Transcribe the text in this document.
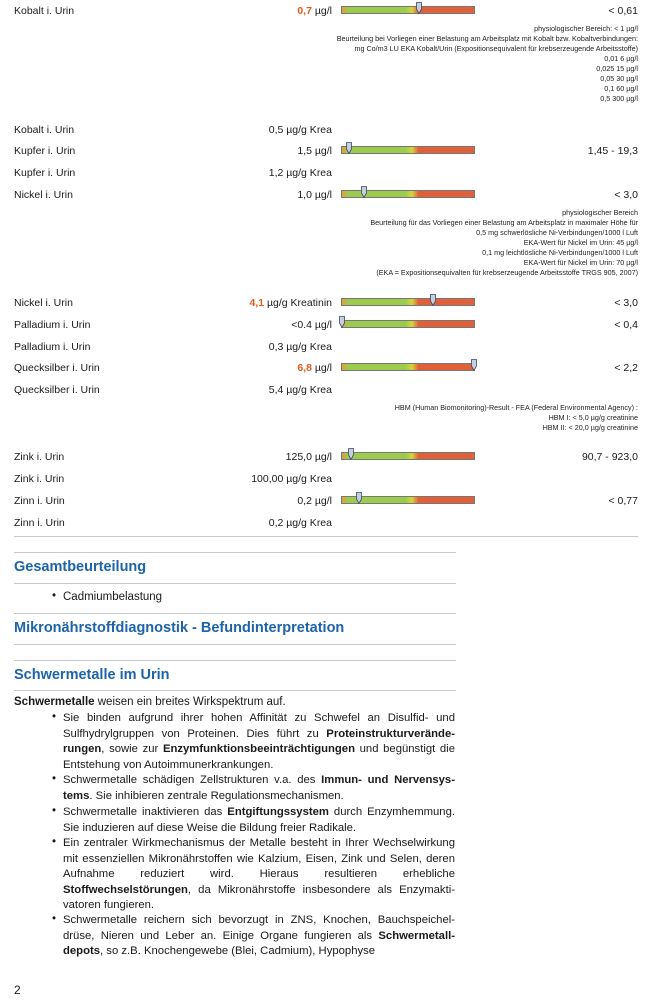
Kobalt i. Urin	0,7 µg/l	< 0,61
Kobalt i. Urin	0,5 µg/g Krea
Kupfer i. Urin	1,5 µg/l	1,45 - 19,3
Kupfer i. Urin	1,2 µg/g Krea
Nickel i. Urin	1,0 µg/l	< 3,0
Nickel i. Urin	4,1 µg/g Kreatinin	< 3,0
Palladium i. Urin	<0.4 µg/l	< 0,4
Palladium i. Urin	0,3 µg/g Krea
Quecksilber i. Urin	6,8 µg/l	< 2,2
Quecksilber i. Urin	5,4 µg/g Krea
Zink i. Urin	125,0 µg/l	90,7 - 923,0
Zink i. Urin	100,00 µg/g Krea
Zinn i. Urin	0,2 µg/l	< 0,77
Zinn i. Urin	0,2 µg/g Krea
physiologischer Bereich: < 1 µg/l
Beurteilung bei Vorliegen einer Belastung am Arbeitsplatz mit Kobalt bzw. Kobaltverbindungen:
mg Co/m3 LU EKA Kobalt/Urin (Expositionsequivalent für krebserzeugende Arbeitsstoffe)
0,01 6 µg/l
0,025 15 µg/l
0,05 30 µg/l
0,1 60 µg/l
0,5 300 µg/l
physiologischer Bereich
Beurteilung für das Vorliegen einer Belastung am Arbeitsplatz in maximaler Höhe für
0,5 mg schwerlösliche Ni-Verbindungen/1000 l Luft
EKA-Wert für Nickel im Urin: 45 µg/l
0,1 mg leichtlösliche Ni-Verbindungen/1000 l Luft
EKA-Wert für Nickel im Urin: 70 µg/l
(EKA = Expositionsequivalten für krebserzeugende Arbeitsstoffe TRGS 905, 2007)
HBM (Human Biomonitoring)-Result - FEA (Federal Environmental Agency) :
HBM I: < 5,0 µg/g creatinine
HBM II: < 20,0 µg/g creatinine
Gesamtbeurteilung
• Cadmiumbelastung
Mikronährstoffdiagnostik - Befundinterpretation
Schwermetalle im Urin
Schwermetalle weisen ein breites Wirkspektrum auf.
• Sie binden aufgrund ihrer hohen Affinität zu Schwefel an Disulfid- und Sulfhydrylgruppen von Proteinen. Dies führt zu Proteinstrukturveränderungen, sowie zur Enzymfunktionsbeeinträchtigungen und begünstigt die Entstehung von Autoimmunerkrankungen.
• Schwermetalle schädigen Zellstrukturen v.a. des Immun- und Nervensystems. Sie inhibieren zentrale Regulationsmechanismen.
• Schwermetalle inaktivieren das Entgiftungssystem durch Enzymhemmung. Sie induzieren auf diese Weise die Bildung freier Radikale.
• Ein zentraler Wirkmechanismus der Metalle besteht in Ihrer Wechselwirkung mit essenziellen Mikronährstoffen wie Kalzium, Eisen, Zink und Selen, deren Aufnahme reduziert wird. Hieraus resultieren erhebliche Stoffwechselstörungen, da Mikronährstoffe insbesondere als Enzymaktivatoren fungieren.
• Schwermetalle reichern sich bevorzugt in ZNS, Knochen, Bauchspeicheldrüse, Nieren und Leber an. Einige Organe fungieren als Schwermetalldepots, so z.B. Knochengewebe (Blei, Cadmium), Hypophyse
2
